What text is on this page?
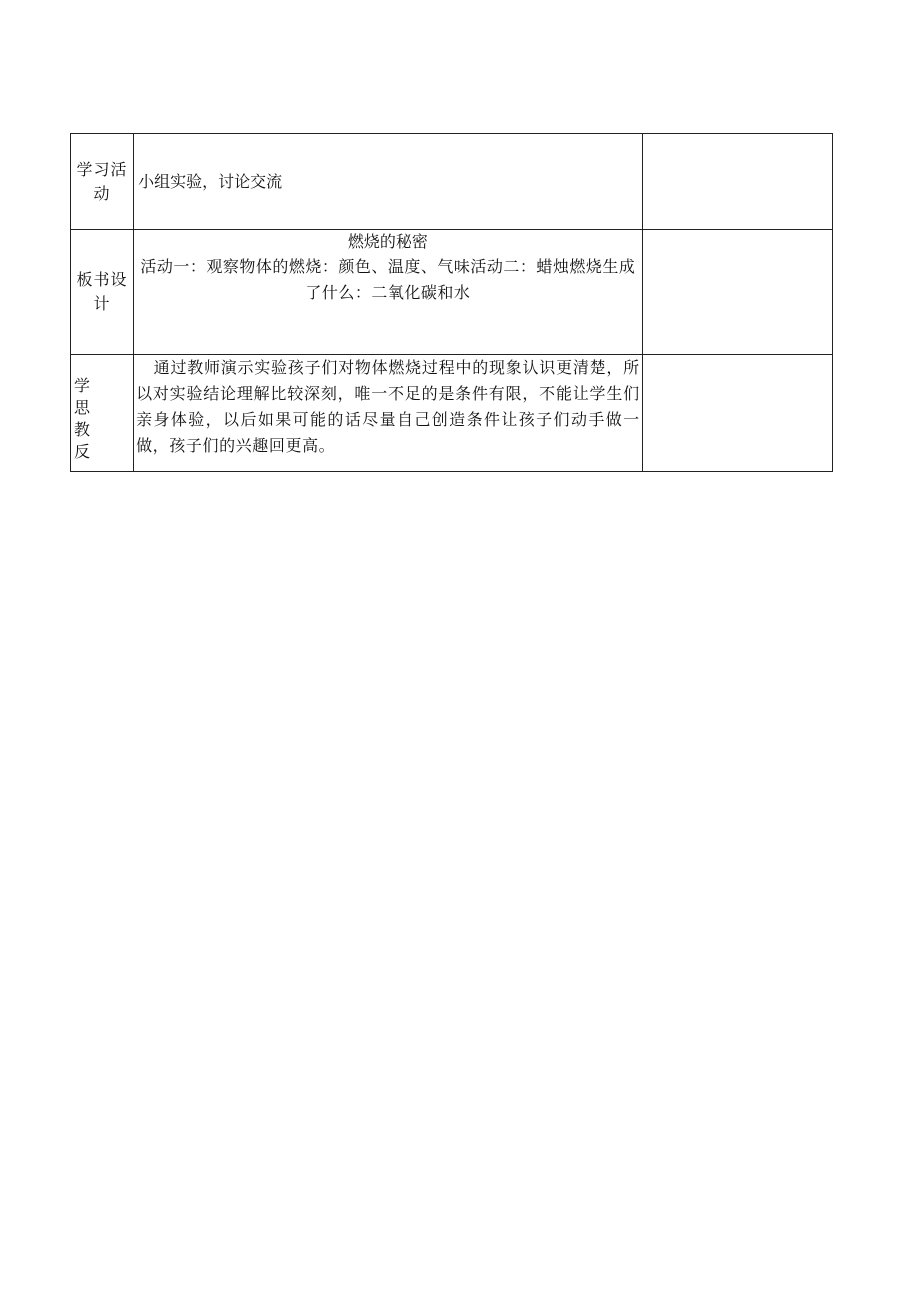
学习活动	小组实验，讨论交流	

板书设计	燃烧的秘密
活动一：观察物体的燃烧：颜色、温度、气味活动二：蜡烛燃烧生成了什么：二氧化碳和水	

学思教反	通过教师演示实验孩子们对物体燃烧过程中的现象认识更清楚，所以对实验结论理解比较深刻，唯一不足的是条件有限，不能让学生们亲身体验，以后如果可能的话尽量自己创造条件让孩子们动手做一做，孩子们的兴趣回更高。	
